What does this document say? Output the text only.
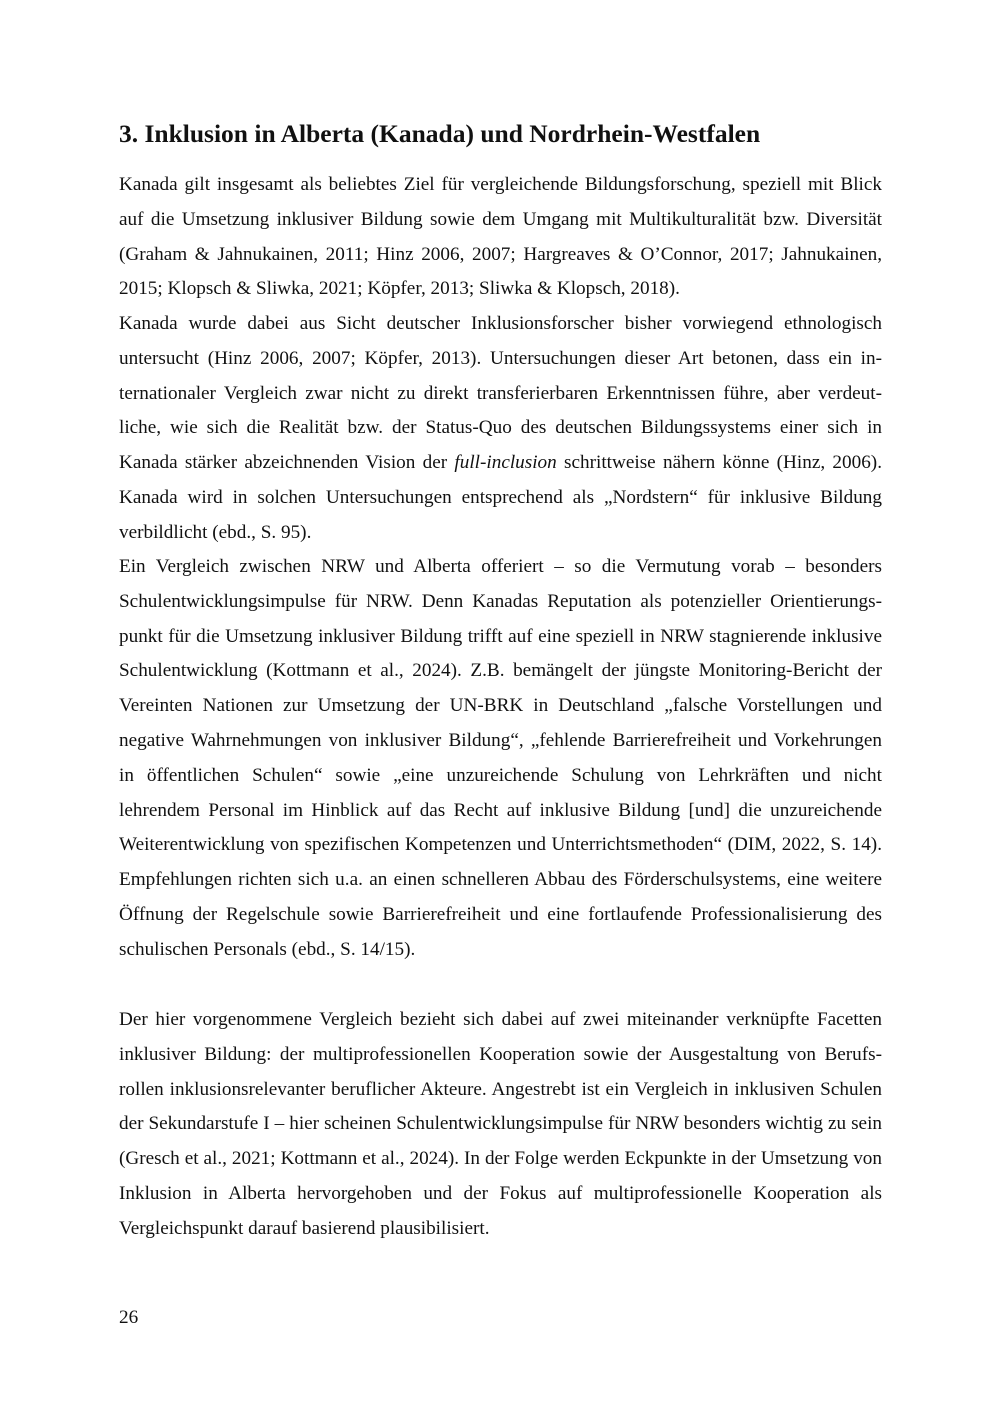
3. Inklusion in Alberta (Kanada) und Nordrhein-Westfalen

Kanada gilt insgesamt als beliebtes Ziel für vergleichende Bildungsforschung, speziell mit Blick auf die Umsetzung inklusiver Bildung sowie dem Umgang mit Multikulturalität bzw. Diversität (Graham & Jahnukainen, 2011; Hinz 2006, 2007; Hargreaves & O’Connor, 2017; Jahnukainen, 2015; Klopsch & Sliwka, 2021; Köpfer, 2013; Sliwka & Klopsch, 2018).

Kanada wurde dabei aus Sicht deutscher Inklusionsforscher bisher vorwiegend ethnologisch untersucht (Hinz 2006, 2007; Köpfer, 2013). Untersuchungen dieser Art betonen, dass ein internationaler Vergleich zwar nicht zu direkt transferierbaren Erkenntnissen führe, aber verdeutliche, wie sich die Realität bzw. der Status-Quo des deutschen Bildungssystems einer sich in Kanada stärker abzeichnenden Vision der full-inclusion schrittweise nähern könne (Hinz, 2006). Kanada wird in solchen Untersuchungen entsprechend als „Nordstern“ für inklusive Bildung verbildlicht (ebd., S. 95).

Ein Vergleich zwischen NRW und Alberta offeriert – so die Vermutung vorab – besonders Schulentwicklungsimpulse für NRW. Denn Kanadas Reputation als potenzieller Orientierungspunkt für die Umsetzung inklusiver Bildung trifft auf eine speziell in NRW stagnierende inklusive Schulentwicklung (Kottmann et al., 2024). Z.B. bemängelt der jüngste Monitoring-Bericht der Vereinten Nationen zur Umsetzung der UN-BRK in Deutschland „falsche Vorstellungen und negative Wahrnehmungen von inklusiver Bildung“, „fehlende Barrierefreiheit und Vorkehrungen in öffentlichen Schulen“ sowie „eine unzureichende Schulung von Lehrkräften und nicht lehrendem Personal im Hinblick auf das Recht auf inklusive Bildung [und] die unzureichende Weiterentwicklung von spezifischen Kompetenzen und Unterrichtsmethoden“ (DIM, 2022, S. 14). Empfehlungen richten sich u.a. an einen schnelleren Abbau des Förderschulsystems, eine weitere Öffnung der Regelschule sowie Barrierefreiheit und eine fortlaufende Professionalisierung des schulischen Personals (ebd., S. 14/15).

Der hier vorgenommene Vergleich bezieht sich dabei auf zwei miteinander verknüpfte Facetten inklusiver Bildung: der multiprofessionellen Kooperation sowie der Ausgestaltung von Berufsrollen inklusionsrelevanter beruflicher Akteure. Angestrebt ist ein Vergleich in inklusiven Schulen der Sekundarstufe I – hier scheinen Schulentwicklungsimpulse für NRW besonders wichtig zu sein (Gresch et al., 2021; Kottmann et al., 2024). In der Folge werden Eckpunkte in der Umsetzung von Inklusion in Alberta hervorgehoben und der Fokus auf multiprofessionelle Kooperation als Vergleichspunkt darauf basierend plausibilisiert.

26
